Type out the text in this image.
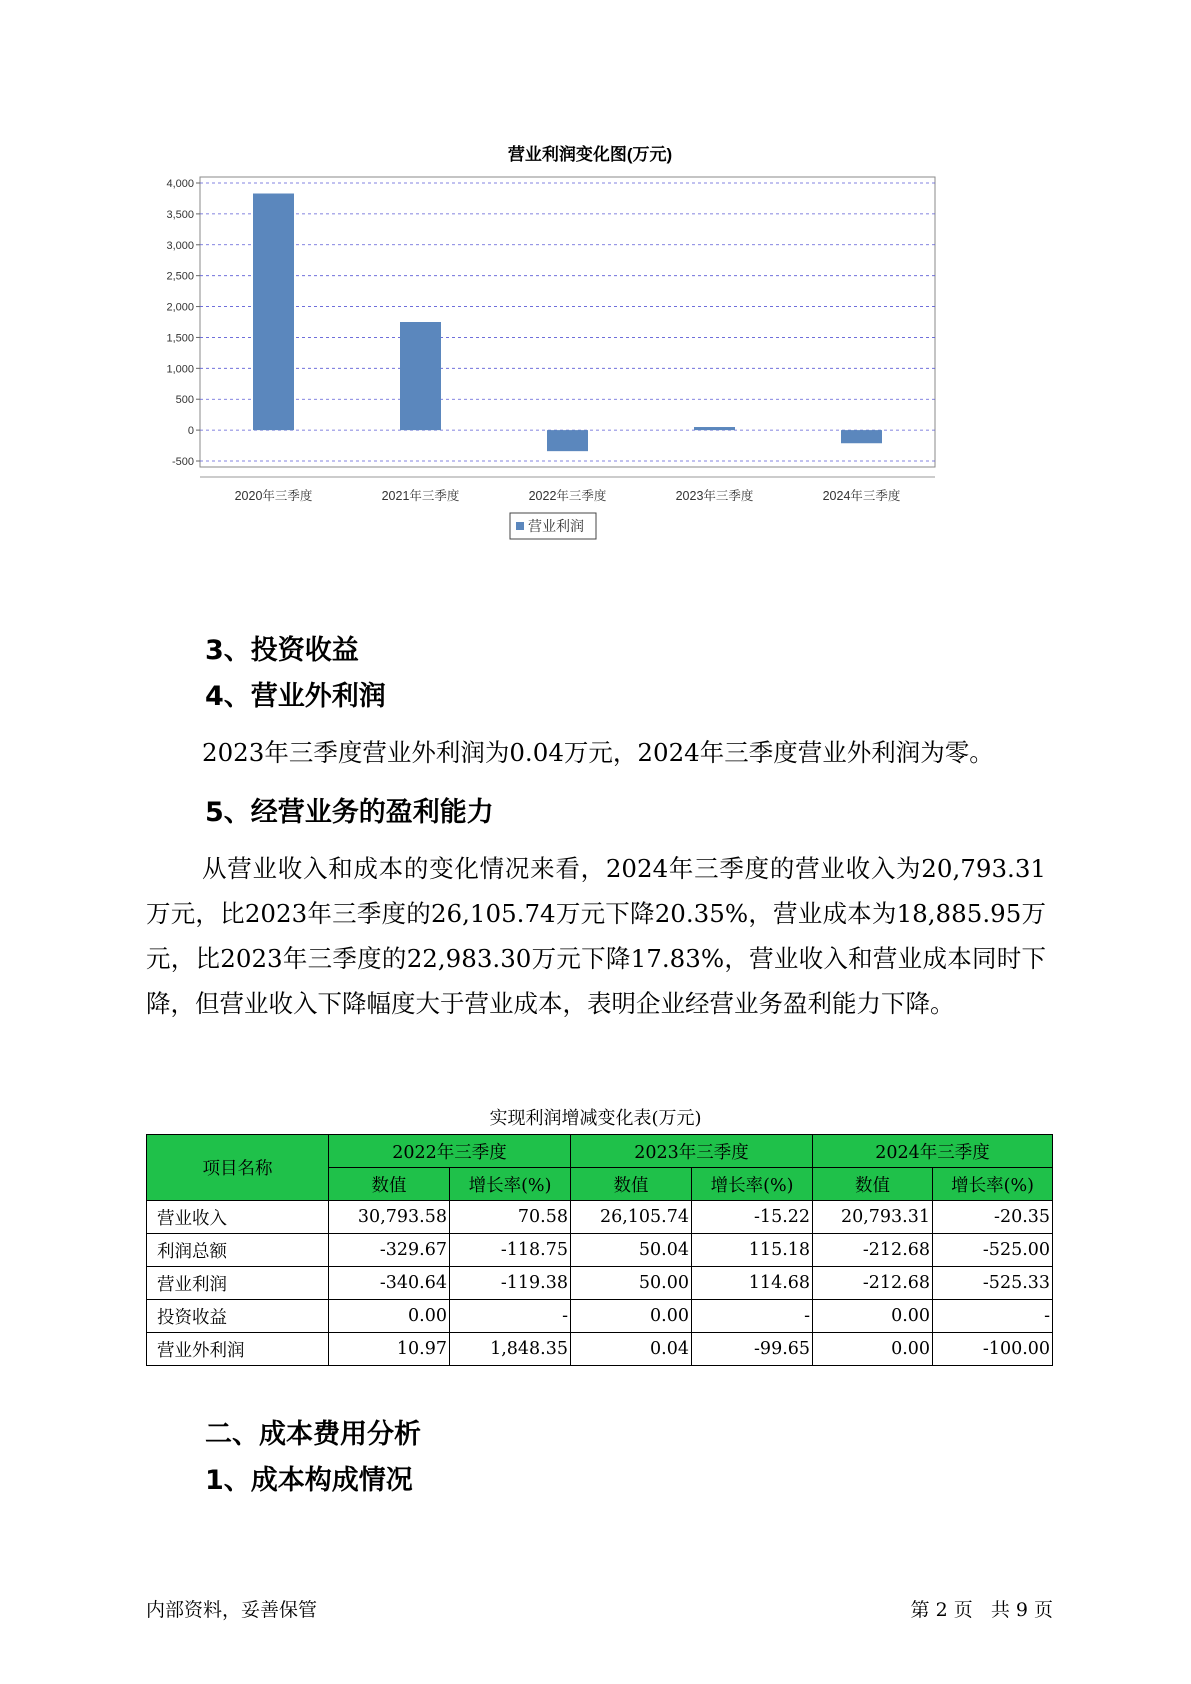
营业利润变化图(万元)
4,000
3,500
3,000
2,500
2,000
1,500
1,000
500
0
-500
2020年三季度	2021年三季度	2022年三季度	2023年三季度	2024年三季度
营业利润
3、投资收益
4、营业外利润

2023年三季度营业外利润为0.04万元，2024年三季度营业外利润为零。

5、经营业务的盈利能力

从营业收入和成本的变化情况来看，2024年三季度的营业收入为20,793.31万元，比2023年三季度的26,105.74万元下降20.35%，营业成本为18,885.95万元，比2023年三季度的22,983.30万元下降17.83%，营业收入和营业成本同时下降，但营业收入下降幅度大于营业成本，表明企业经营业务盈利能力下降。

实现利润增减变化表(万元)
项目名称	2022年三季度		2023年三季度		2024年三季度	
	数值	增长率(%)	数值	增长率(%)	数值	增长率(%)
营业收入	30,793.58	70.58	26,105.74	-15.22	20,793.31	-20.35
利润总额	-329.67	-118.75	50.04	115.18	-212.68	-525.00
营业利润	-340.64	-119.38	50.00	114.68	-212.68	-525.33
投资收益	0.00	-	0.00	-	0.00	-
营业外利润	10.97	1,848.35	0.04	-99.65	0.00	-100.00
二、成本费用分析
1、成本构成情况
内部资料，妥善保管	第 2 页   共 9 页
